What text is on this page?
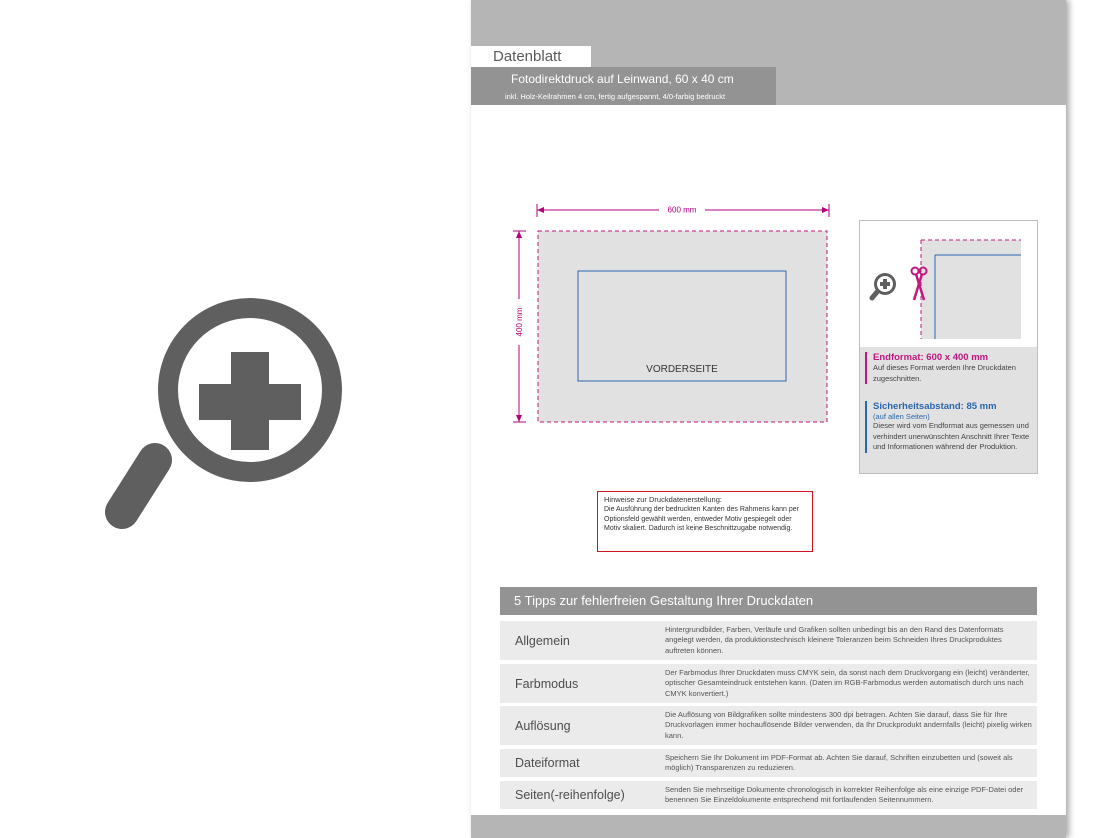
Datenblatt
Fotodirektdruck auf Leinwand, 60 x 40 cm
inkl. Holz-Keilrahmen 4 cm, fertig aufgespannt, 4/0-farbig bedruckt
600 mm
400 mm
VORDERSEITE
Endformat: 600 x 400 mm
Auf dieses Format werden Ihre Druckdaten zugeschnitten.
Sicherheitsabstand: 85 mm
(auf allen Seiten)
Dieser wird vom Endformat aus gemessen und verhindert unerwünschten Anschnitt Ihrer Texte und Informationen während der Produktion.
Hinweise zur Druckdatenerstellung:
Die Ausführung der bedruckten Kanten des Rahmens kann per Optionsfeld gewählt werden, entweder Motiv gespiegelt oder Motiv skaliert. Dadurch ist keine Beschnittzugabe notwendig.
5 Tipps zur fehlerfreien Gestaltung Ihrer Druckdaten
Allgemein
Hintergrundbilder, Farben, Verläufe und Grafiken sollten unbedingt bis an den Rand des Datenformats angelegt werden, da produktionstechnisch kleinere Toleranzen beim Schneiden Ihres Druckproduktes auftreten können.
Farbmodus
Der Farbmodus Ihrer Druckdaten muss CMYK sein, da sonst nach dem Druckvorgang ein (leicht) veränderter, optischer Gesamteindruck entstehen kann. (Daten im RGB-Farbmodus werden automatisch durch uns nach CMYK konvertiert.)
Auflösung
Die Auflösung von Bildgrafiken sollte mindestens 300 dpi betragen. Achten Sie darauf, dass Sie für Ihre Druckvorlagen immer hochauflösende Bilder verwenden, da Ihr Druckprodukt andernfalls (leicht) pixelig wirken kann.
Dateiformat	Speichern Sie Ihr Dokument im PDF-Format ab. Achten Sie darauf, Schriften einzubetten und (soweit als möglich) Transparenzen zu reduzieren.
Seiten(-reihenfolge)	Senden Sie mehrseitige Dokumente chronologisch in korrekter Reihenfolge als eine einzige PDF-Datei oder benennen Sie Einzeldokumente entsprechend mit fortlaufenden Seitennummern.
